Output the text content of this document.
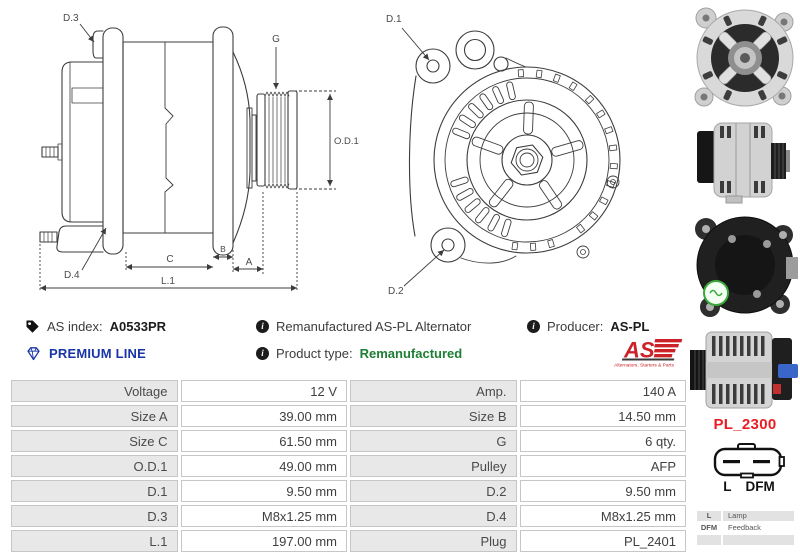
D.3
G
O.D.1
D.4
C
B
A
L.1
D.1
D.2
AS index: A0533PR
PREMIUM LINE
i Remanufactured AS-PL Alternator
i Product type: Remanufactured
i Producer: AS-PL
AS
Alternators, Starters & Parts
Voltage	12 V	Amp.	140 A
Size A	39.00 mm	Size B	14.50 mm
Size C	61.50 mm	G	6 qty.
O.D.1	49.00 mm	Pulley	AFP
D.1	9.50 mm	D.2	9.50 mm
D.3	M8x1.25 mm	D.4	M8x1.25 mm
L.1	197.00 mm	Plug	PL_2401
PL_2300
L DFM
L	Lamp
DFM	Feedback
